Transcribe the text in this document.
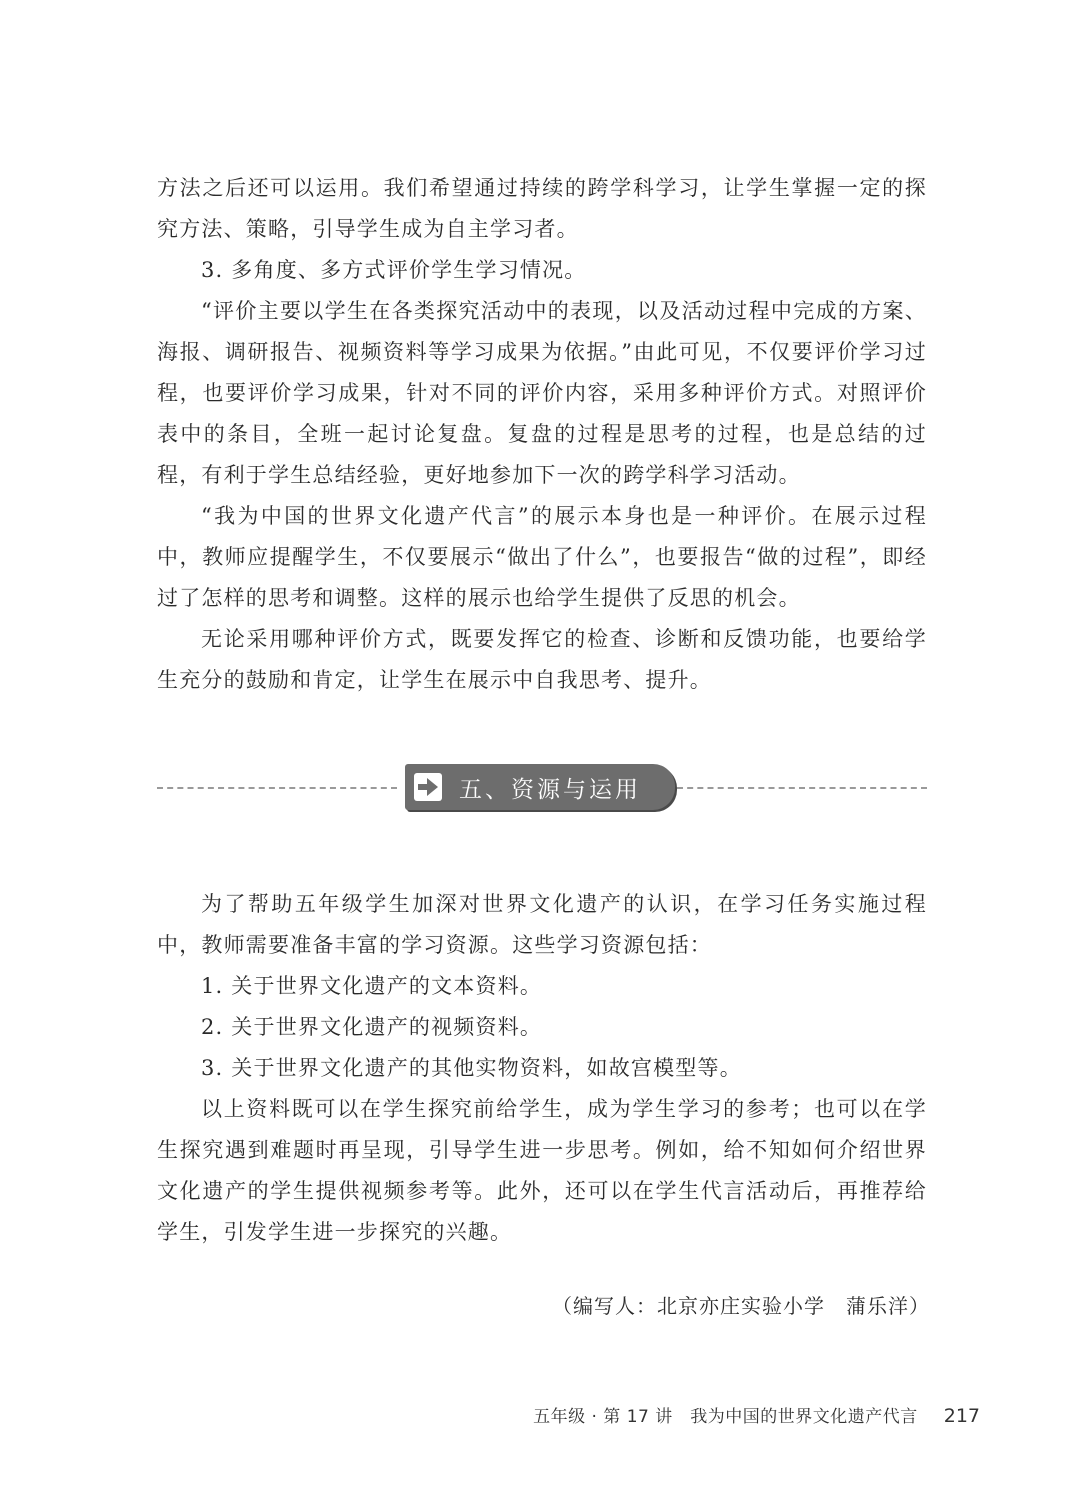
方法之后还可以运用。我们希望通过持续的跨学科学习，让学生掌握一定的探究方法、策略，引导学生成为自主学习者。

3. 多角度、多方式评价学生学习情况。

“评价主要以学生在各类探究活动中的表现，以及活动过程中完成的方案、海报、调研报告、视频资料等学习成果为依据。”由此可见，不仅要评价学习过程，也要评价学习成果，针对不同的评价内容，采用多种评价方式。对照评价表中的条目，全班一起讨论复盘。复盘的过程是思考的过程，也是总结的过程，有利于学生总结经验，更好地参加下一次的跨学科学习活动。

“我为中国的世界文化遗产代言”的展示本身也是一种评价。在展示过程中，教师应提醒学生，不仅要展示“做出了什么”，也要报告“做的过程”，即经过了怎样的思考和调整。这样的展示也给学生提供了反思的机会。

无论采用哪种评价方式，既要发挥它的检查、诊断和反馈功能，也要给学生充分的鼓励和肯定，让学生在展示中自我思考、提升。

五、资源与运用

为了帮助五年级学生加深对世界文化遗产的认识，在学习任务实施过程中，教师需要准备丰富的学习资源。这些学习资源包括：

1. 关于世界文化遗产的文本资料。

2. 关于世界文化遗产的视频资料。

3. 关于世界文化遗产的其他实物资料，如故宫模型等。

以上资料既可以在学生探究前给学生，成为学生学习的参考；也可以在学生探究遇到难题时再呈现，引导学生进一步思考。例如，给不知如何介绍世界文化遗产的学生提供视频参考等。此外，还可以在学生代言活动后，再推荐给学生，引发学生进一步探究的兴趣。

（编写人：北京亦庄实验小学　蒲乐洋）
五年级 · 第 17 讲　我为中国的世界文化遗产代言 217
